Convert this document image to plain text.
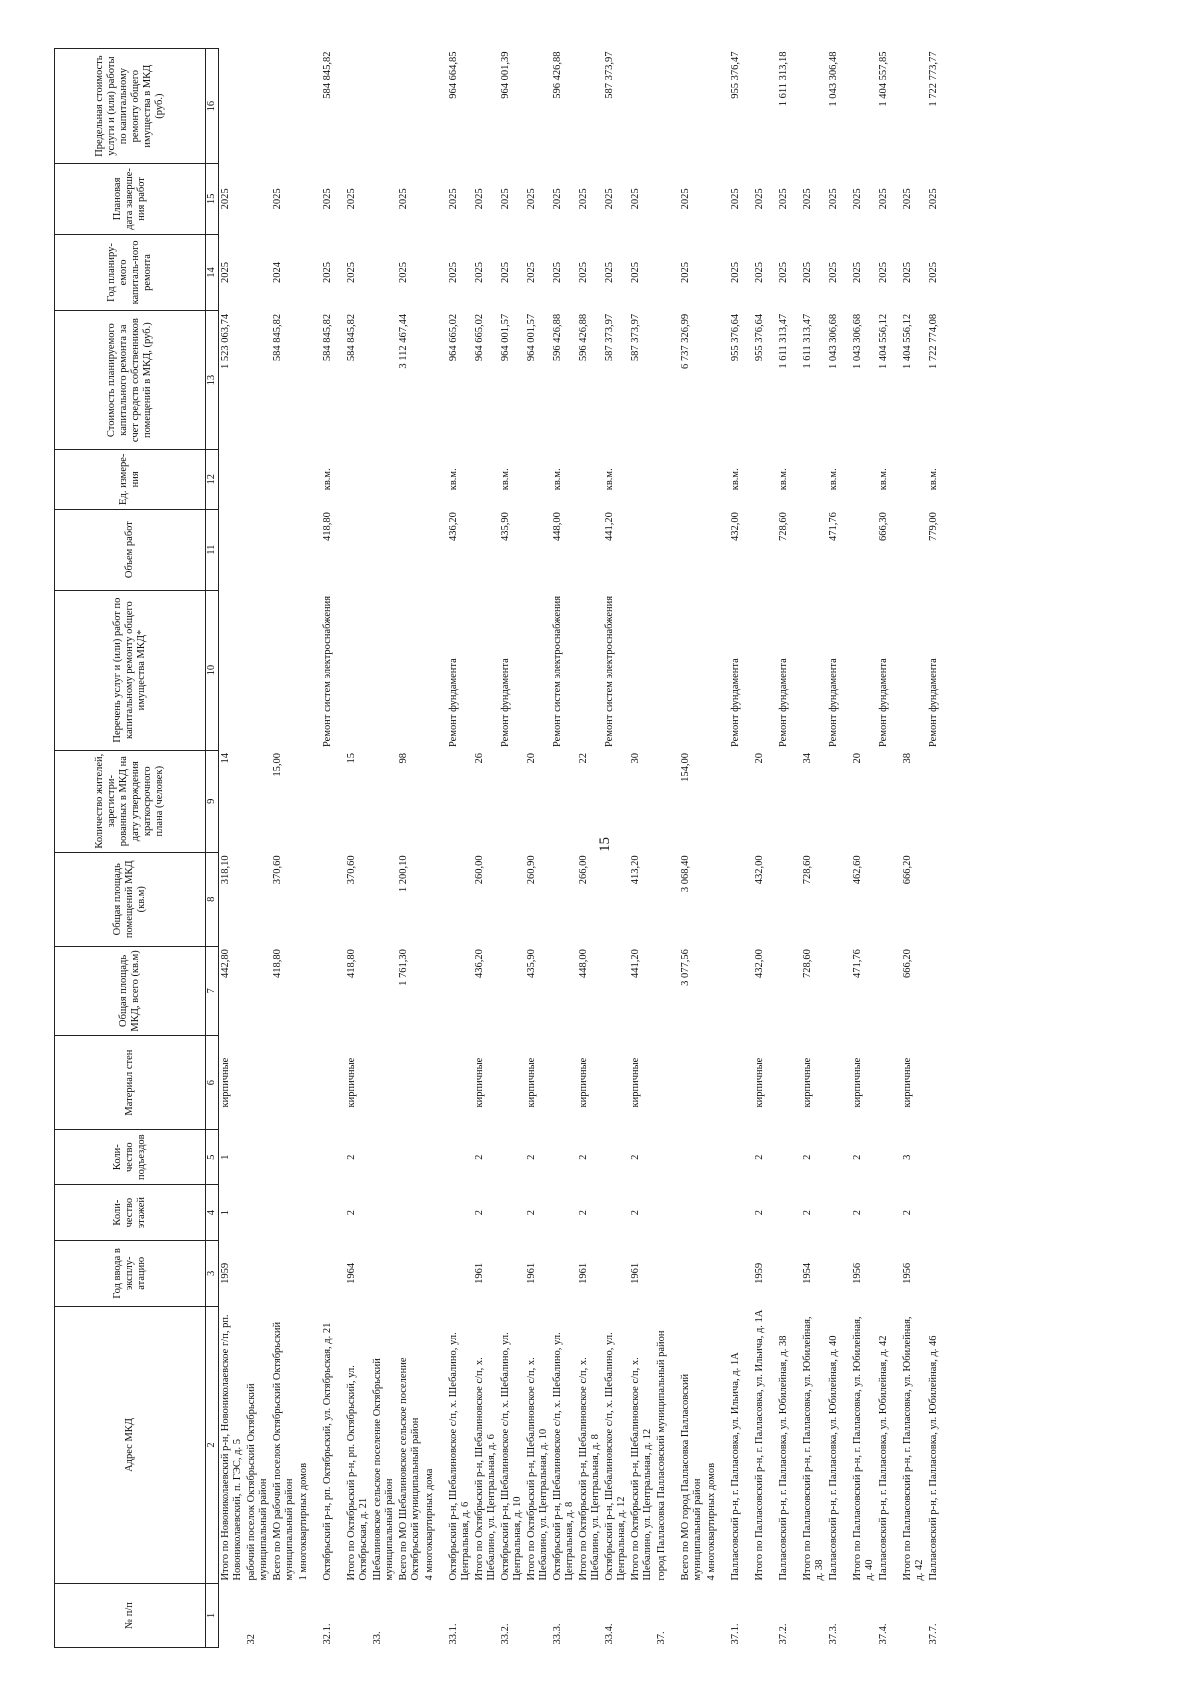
15
№ п/п	Адрес МКД	Год ввода в эксплу-атацию	Коли-чество этажей	Коли-чество подъездов	Материал стен	Общая площадь МКД, всего (кв.м)	Общая площадь помещений МКД (кв.м)	Количество жителей, зарегистри-рованных в МКД на дату утверждения краткосрочного плана (человек)	Перечень услуг и (или) работ по капитальному ремонту общего имущества МКД*	Объем работ	Ед. измере-ния	Стоимость планируемого капитального ремонта за счет средств собственников помещений в МКД, (руб.)	Год планиру-емого капиталь-ного ремонта	Плановая дата заверше-ния работ	Предельная стоимость услуги и (или) работы по капитальному ремонту общего имущества в МКД (руб.)
1	2	3	4	5	6	7	8	9	10	11	12	13	14	15	16
	Итого по Новониколаевский р-н, Новониколаевское г/п, рп. Новониколаевский, п. ГЭС, д. 5	1959	1	1	кирпичные	442,80	318,10	14				1 523 063,74	2025	2025	
32	рабочий поселок Октябрьский Октябрьский муниципальный район														
	Всего по МО рабочий поселок Октябрьский Октябрьский муниципальный район					418,80	370,60	15,00				584 845,82	2024	2025	
	1 многоквартирных домов														
32.1.	Октябрьский р-н, рп. Октябрьский, ул. Октябрьская, д. 21								Ремонт систем электроснабжения	418,80	кв.м.	584 845,82	2025	2025	584 845,82
	Итого по Октябрьский р-н, рп. Октябрьский, ул. Октябрьская, д. 21	1964	2	2	кирпичные	418,80	370,60	15				584 845,82	2025	2025	
33.	Шебалиновское сельское поселение Октябрьский муниципальный район														
	Всего по МО Шебалиновское сельское поселение Октябрьский муниципальный район					1 761,30	1 200,10	98				3 112 467,44	2025	2025	
	4 многоквартирных дома														
33.1.	Октябрьский р-н, Шебалиновское с/п, х. Шебалино, ул. Центральная, д. 6								Ремонт фундамента	436,20	кв.м.	964 665,02	2025	2025	964 664,85
	Итого по Октябрьский р-н, Шебалиновское с/п, х. Шебалино, ул. Центральная, д. 6	1961	2	2	кирпичные	436,20	260,00	26				964 665,02	2025	2025	
33.2.	Октябрьский р-н, Шебалиновское с/п, х. Шебалино, ул. Центральная, д. 10								Ремонт фундамента	435,90	кв.м.	964 001,57	2025	2025	964 001,39
	Итого по Октябрьский р-н, Шебалиновское с/п, х. Шебалино, ул. Центральная, д. 10	1961	2	2	кирпичные	435,90	260,90	20				964 001,57	2025	2025	
33.3.	Октябрьский р-н, Шебалиновское с/п, х. Шебалино, ул. Центральная, д. 8								Ремонт систем электроснабжения	448,00	кв.м.	596 426,88	2025	2025	596 426,88
	Итого по Октябрьский р-н, Шебалиновское с/п, х. Шебалино, ул. Центральная, д. 8	1961	2	2	кирпичные	448,00	266,00	22				596 426,88	2025	2025	
33.4.	Октябрьский р-н, Шебалиновское с/п, х. Шебалино, ул. Центральная, д. 12								Ремонт систем электроснабжения	441,20	кв.м.	587 373,97	2025	2025	587 373,97
	Итого по Октябрьский р-н, Шебалиновское с/п, х. Шебалино, ул. Центральная, д. 12	1961	2	2	кирпичные	441,20	413,20	30				587 373,97	2025	2025	
37.	город Палласовка Палласовский муниципальный район														
	Всего по МО город Палласовка Палласовский муниципальный район					3 077,56	3 068,40	154,00				6 737 326,99	2025	2025	
	4 многоквартирных домов														
37.1.	Палласовский р-н, г. Палласовка, ул. Ильича, д. 1А								Ремонт фундамента	432,00	кв.м.	955 376,64	2025	2025	955 376,47
	Итого по Палласовский р-н, г. Палласовка, ул. Ильича, д. 1А	1959	2	2	кирпичные	432,00	432,00	20				955 376,64	2025	2025	
37.2.	Палласовский р-н, г. Палласовка, ул. Юбилейная, д. 38								Ремонт фундамента	728,60	кв.м.	1 611 313,47	2025	2025	1 611 313,18
	Итого по Палласовский р-н, г. Палласовка, ул. Юбилейная, д. 38	1954	2	2	кирпичные	728,60	728,60	34				1 611 313,47	2025	2025	
37.3.	Палласовский р-н, г. Палласовка, ул. Юбилейная, д. 40								Ремонт фундамента	471,76	кв.м.	1 043 306,68	2025	2025	1 043 306,48
	Итого по Палласовский р-н, г. Палласовка, ул. Юбилейная, д. 40	1956	2	2	кирпичные	471,76	462,60	20				1 043 306,68	2025	2025	
37.4.	Палласовский р-н, г. Палласовка, ул. Юбилейная, д. 42								Ремонт фундамента	666,30	кв.м.	1 404 556,12	2025	2025	1 404 557,85
	Итого по Палласовский р-н, г. Палласовка, ул. Юбилейная, д. 42	1956	2	3	кирпичные	666,20	666,20	38				1 404 556,12	2025	2025	
37.7.	Палласовский р-н, г. Палласовка, ул. Юбилейная, д. 46								Ремонт фундамента	779,00	кв.м.	1 722 774,08	2025	2025	1 722 773,77
